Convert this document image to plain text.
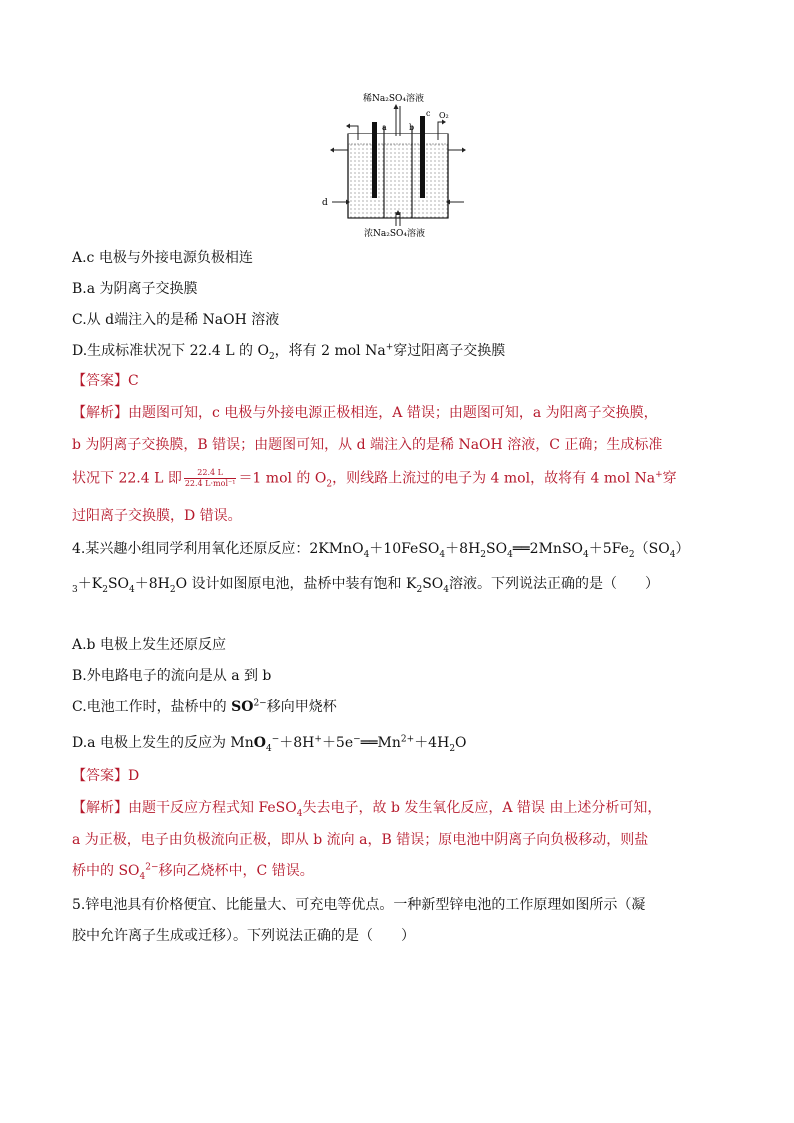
稀Na₂SO₄溶液
a	b
c O₂
d
浓Na₂SO₄溶液
A.c 电极与外接电源负极相连
B.a 为阴离子交换膜
C.从 d端注入的是稀 NaOH 溶液
D.生成标准状况下 22.4 L 的 $O_2$，将有 2 mol Na+穿过阳离子交换膜
【答案】C
【解析】由题图可知，c 电极与外接电源正极相连，A 错误；由题图可知，a 为阳离子交换膜，
b 为阴离子交换膜，B 错误；由题图可知，从 d 端注入的是稀 NaOH 溶液，C 正确；生成标准
状况下 22.4 L 即 $\frac{22.4 L}{\text{22.4 L·mol⁻¹}} =1$ mol 的 $O_2$，则线路上流过的电子为 4 mol，故将有 4 mol Na+穿
过阳离子交换膜，D 错误。
4.某兴趣小组同学利用氧化还原反应：$2KMnO_4+10FeSO_4+8H_2SO_4══2MnSO_4+5Fe_2(SO_4)$
$_3+K_2SO_4+8H_2O$ 设计如图原电池，盐桥中装有饱和 $K_2SO_4$溶液。下列说法正确的是（　　）
A.b 电极上发生还原反应
B.外电路电子的流向是从 a 到 b
C.电池工作时，盐桥中的 $SO^{2-}$移向甲烧杯
D.a 电极上发生的反应为 $MnO_4^-+8H^++5e^-══Mn^{2+}+4H_2O$
【答案】D
【解析】由题干反应方程式知 FeSO$_4$失去电子，故 b 发生氧化反应，A 错误 由上述分析可知，
a 为正极，电子由负极流向正极，即从 b 流向 a，B 错误；原电池中阴离子向负极移动，则盐
桥中的 $SO_4^{2-}$移向乙烧杯中，C 错误。
5.锌电池具有价格便宜、比能量大、可充电等优点。一种新型锌电池的工作原理如图所示（凝
胶中允许离子生成或迁移）。下列说法正确的是（　　）
